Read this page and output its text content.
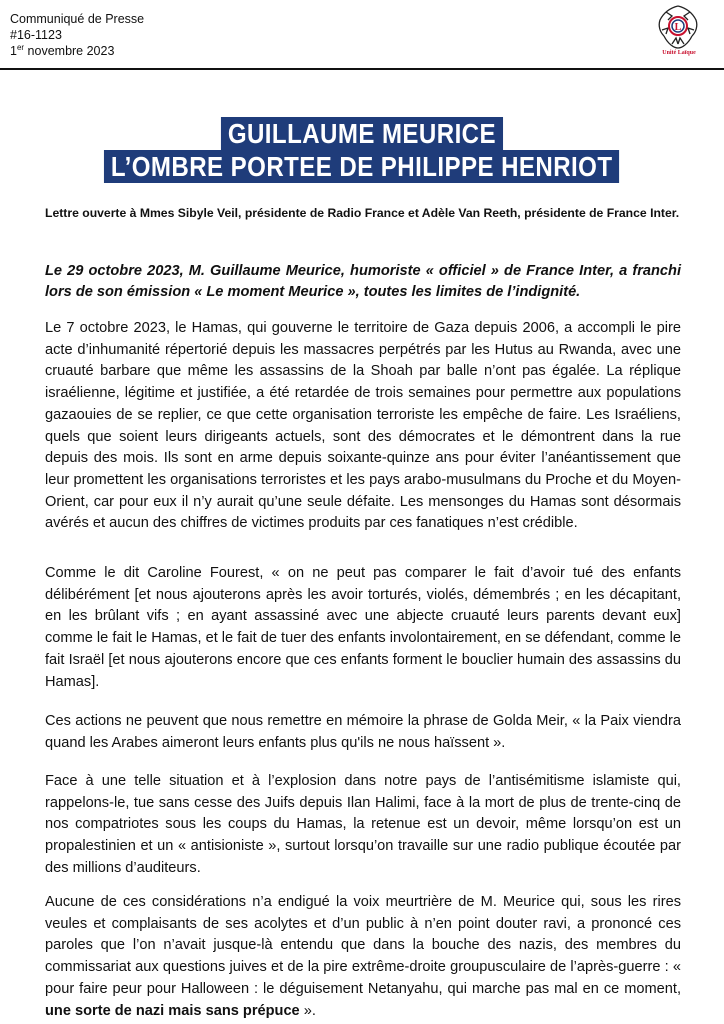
Communiqué de Presse
#16-1123
1er novembre 2023
L
Unité Laïque
GUILLAUME MEURICE
L’OMBRE PORTEE DE PHILIPPE HENRIOT
Lettre ouverte à Mmes Sibyle Veil, présidente de Radio France et Adèle Van Reeth, présidente de France Inter.
Le 29 octobre 2023, M. Guillaume Meurice, humoriste « officiel » de France Inter, a franchi lors de son émission « Le moment Meurice », toutes les limites de l’indignité.
Le 7 octobre 2023, le Hamas, qui gouverne le territoire de Gaza depuis 2006, a accompli le pire acte d’inhumanité répertorié depuis les massacres perpétrés par les Hutus au Rwanda, avec une cruauté barbare que même les assassins de la Shoah par balle n’ont pas égalée. La réplique israélienne, légitime et justifiée, a été retardée de trois semaines pour permettre aux populations gazaouies de se replier, ce que cette organisation terroriste les empêche de faire. Les Israéliens, quels que soient leurs dirigeants actuels, sont des démocrates et le démontrent dans la rue depuis des mois. Ils sont en arme depuis soixante-quinze ans pour éviter l’anéantissement que leur promettent les organisations terroristes et les pays arabo-musulmans du Proche et du Moyen-Orient, car pour eux il n’y aurait qu’une seule défaite. Les mensonges du Hamas sont désormais avérés et aucun des chiffres de victimes produits par ces fanatiques n’est crédible.
Comme le dit Caroline Fourest, « on ne peut pas comparer le fait d’avoir tué des enfants délibérément [et nous ajouterons après les avoir torturés, violés, démembrés ; en les décapitant, en les brûlant vifs ; en ayant assassiné avec une abjecte cruauté leurs parents devant eux] comme le fait le Hamas, et le fait de tuer des enfants involontairement, en se défendant, comme le fait Israël [et nous ajouterons encore que ces enfants forment le bouclier humain des assassins du Hamas].
Ces actions ne peuvent que nous remettre en mémoire la phrase de Golda Meir, « la Paix viendra quand les Arabes aimeront leurs enfants plus qu'ils ne nous haïssent ».
Face à une telle situation et à l’explosion dans notre pays de l’antisémitisme islamiste qui, rappelons-le, tue sans cesse des Juifs depuis Ilan Halimi, face à la mort de plus de trente-cinq de nos compatriotes sous les coups du Hamas, la retenue est un devoir, même lorsqu’on est un propalestinien et un « antisioniste », surtout lorsqu’on travaille sur une radio publique écoutée par des millions d’auditeurs.
Aucune de ces considérations n’a endigué la voix meurtrière de M. Meurice qui, sous les rires veules et complaisants de ses acolytes et d’un public à n’en point douter ravi, a prononcé ces paroles que l’on n’avait jusque-là entendu que dans la bouche des nazis, des membres du commissariat aux questions juives et de la pire extrême-droite groupusculaire de l’après-guerre : « pour faire peur pour Halloween : le déguisement Netanyahu, qui marche pas mal en ce moment, une sorte de nazi mais sans prépuce ».
